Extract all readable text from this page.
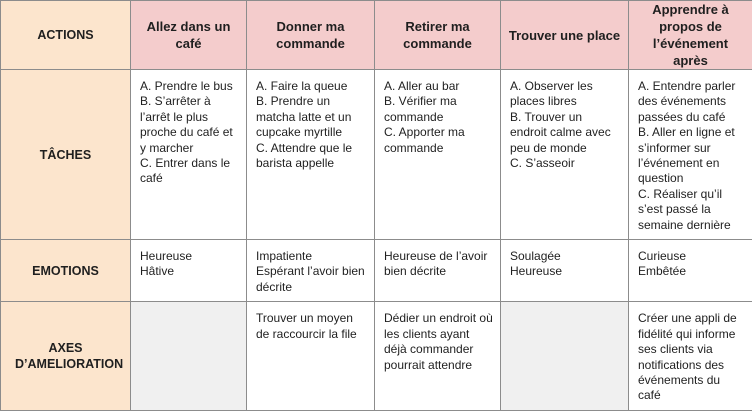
ACTIONS	Allez dans un café	Donner ma commande	Retirer ma commande	Trouver une place	Apprendre à propos de l’événement après
TÂCHES	A. Prendre le bus
B. S’arrêter à l’arrêt le plus proche du café et y marcher
C. Entrer dans le café	A. Faire la queue
B. Prendre un matcha latte et un cupcake myrtille
C. Attendre que le barista appelle	A. Aller au bar
B. Vérifier ma commande
C. Apporter ma commande	A. Observer les places libres
B. Trouver un endroit calme avec peu de monde
C. S’asseoir	A. Entendre parler des événements passées du café
B. Aller en ligne et s’informer sur l’événement en question
C. Réaliser qu’il s’est passé la semaine dernière

EMOTIONS	Heureuse
Hâtive	Impatiente
Espérant l’avoir bien décrite	Heureuse de l’avoir bien décrite	Soulagée
Heureuse	Curieuse
Embêtée

AXES D’AMELIORATION		Trouver un moyen de raccourcir la file	Dédier un endroit où les clients ayant déjà commander pourrait attendre		Créer une appli de fidélité qui informe ses clients via notifications des événements du café
